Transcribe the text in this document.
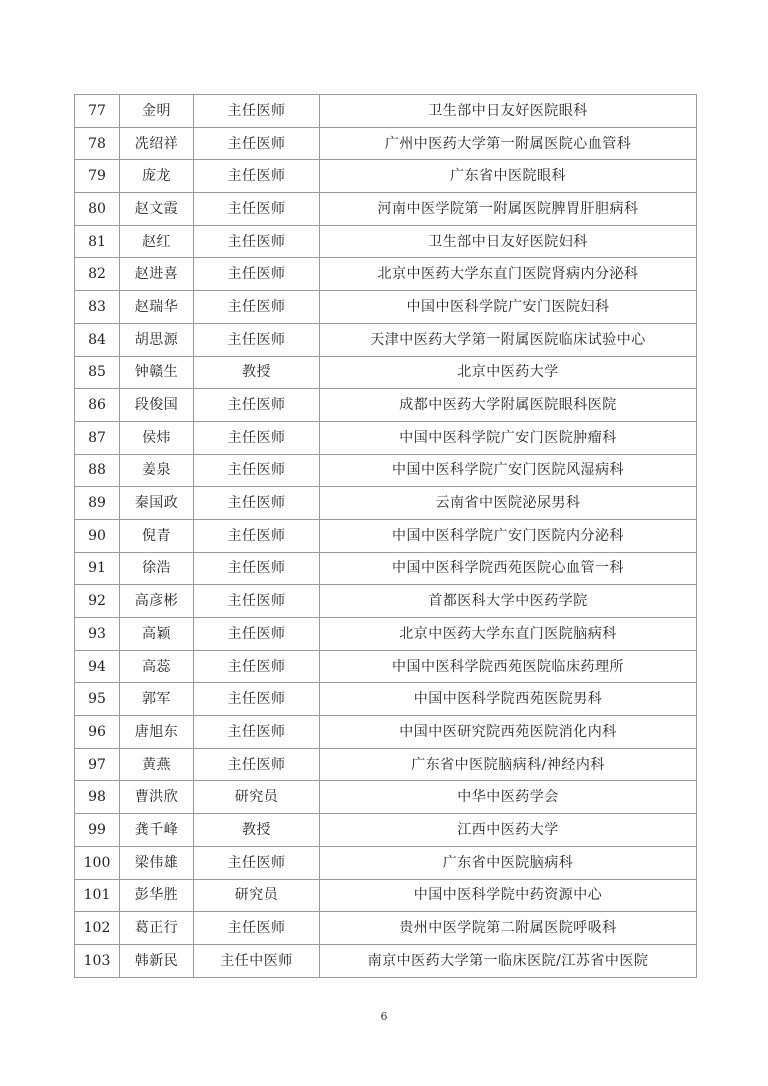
77	金明	主任医师	卫生部中日友好医院眼科
78	冼绍祥	主任医师	广州中医药大学第一附属医院心血管科
79	庞龙	主任医师	广东省中医院眼科
80	赵文霞	主任医师	河南中医学院第一附属医院脾胃肝胆病科
81	赵红	主任医师	卫生部中日友好医院妇科
82	赵进喜	主任医师	北京中医药大学东直门医院肾病内分泌科
83	赵瑞华	主任医师	中国中医科学院广安门医院妇科
84	胡思源	主任医师	天津中医药大学第一附属医院临床试验中心
85	钟赣生	教授	北京中医药大学
86	段俊国	主任医师	成都中医药大学附属医院眼科医院
87	侯炜	主任医师	中国中医科学院广安门医院肿瘤科
88	姜泉	主任医师	中国中医科学院广安门医院风湿病科
89	秦国政	主任医师	云南省中医院泌尿男科
90	倪青	主任医师	中国中医科学院广安门医院内分泌科
91	徐浩	主任医师	中国中医科学院西苑医院心血管一科
92	高彦彬	主任医师	首都医科大学中医药学院
93	高颖	主任医师	北京中医药大学东直门医院脑病科
94	高蕊	主任医师	中国中医科学院西苑医院临床药理所
95	郭军	主任医师	中国中医科学院西苑医院男科
96	唐旭东	主任医师	中国中医研究院西苑医院消化内科
97	黄燕	主任医师	广东省中医院脑病科/神经内科
98	曹洪欣	研究员	中华中医药学会
99	龚千峰	教授	江西中医药大学
100	梁伟雄	主任医师	广东省中医院脑病科
101	彭华胜	研究员	中国中医科学院中药资源中心
102	葛正行	主任医师	贵州中医学院第二附属医院呼吸科
103	韩新民	主任中医师	南京中医药大学第一临床医院/江苏省中医院
6
